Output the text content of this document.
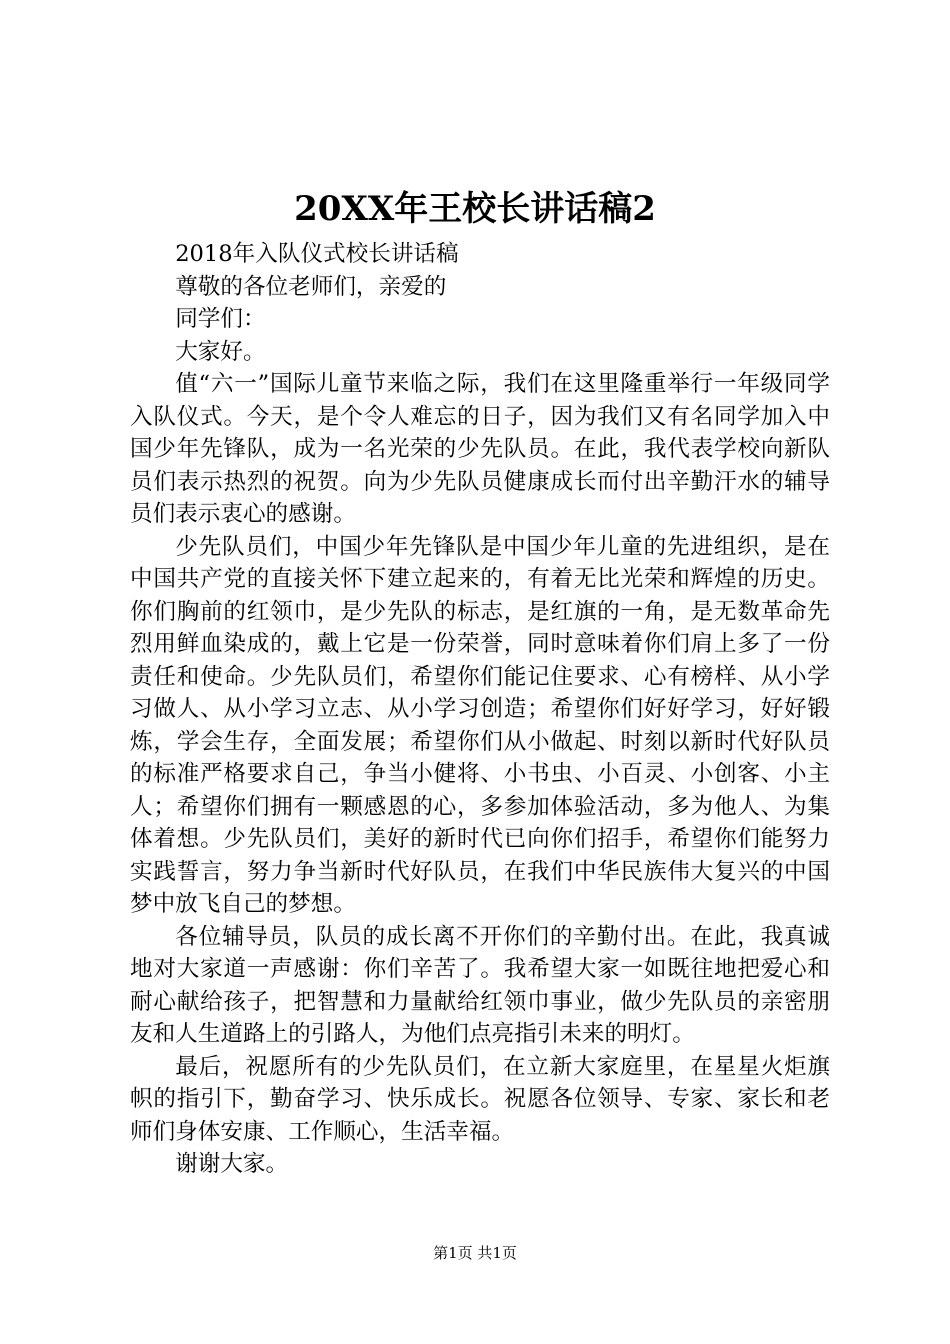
20XX年王校长讲话稿2

2018年入队仪式校长讲话稿

尊敬的各位老师们，亲爱的

同学们：

大家好。

值“六一”国际儿童节来临之际，我们在这里隆重举行一年级同学入队仪式。今天，是个令人难忘的日子，因为我们又有名同学加入中国少年先锋队，成为一名光荣的少先队员。在此，我代表学校向新队员们表示热烈的祝贺。向为少先队员健康成长而付出辛勤汗水的辅导员们表示衷心的感谢。

少先队员们，中国少年先锋队是中国少年儿童的先进组织，是在中国共产党的直接关怀下建立起来的，有着无比光荣和辉煌的历史。你们胸前的红领巾，是少先队的标志，是红旗的一角，是无数革命先烈用鲜血染成的，戴上它是一份荣誉，同时意味着你们肩上多了一份责任和使命。少先队员们，希望你们能记住要求、心有榜样、从小学习做人、从小学习立志、从小学习创造；希望你们好好学习，好好锻炼，学会生存，全面发展；希望你们从小做起、时刻以新时代好队员的标准严格要求自己，争当小健将、小书虫、小百灵、小创客、小主人；希望你们拥有一颗感恩的心，多参加体验活动，多为他人、为集体着想。少先队员们，美好的新时代已向你们招手，希望你们能努力实践誓言，努力争当新时代好队员，在我们中华民族伟大复兴的中国梦中放飞自己的梦想。

各位辅导员，队员的成长离不开你们的辛勤付出。在此，我真诚地对大家道一声感谢：你们辛苦了。我希望大家一如既往地把爱心和耐心献给孩子，把智慧和力量献给红领巾事业，做少先队员的亲密朋友和人生道路上的引路人，为他们点亮指引未来的明灯。

最后，祝愿所有的少先队员们，在立新大家庭里，在星星火炬旗帜的指引下，勤奋学习、快乐成长。祝愿各位领导、专家、家长和老师们身体安康、工作顺心，生活幸福。

谢谢大家。

第1页 共1页
